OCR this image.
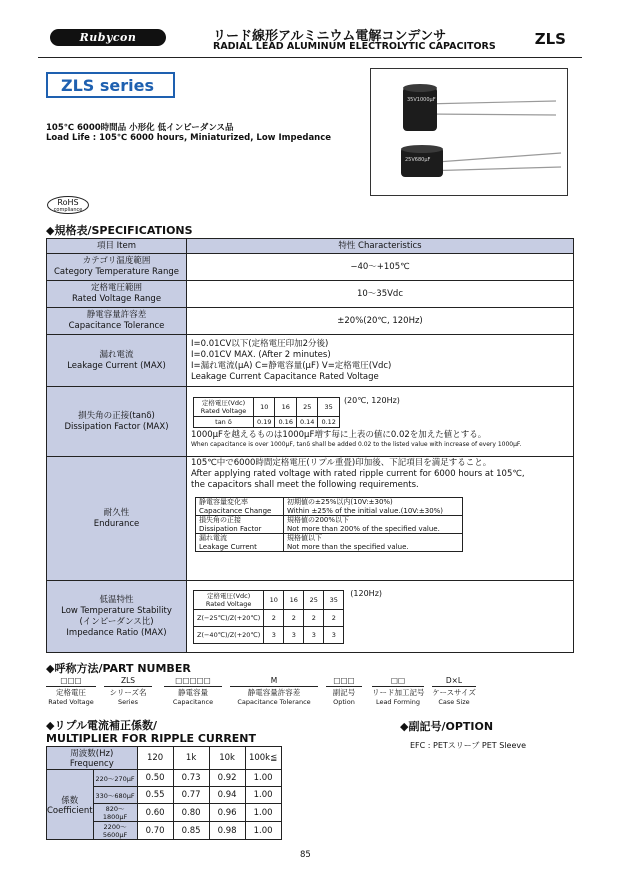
Rubycon	リード線形アルミニウム電解コンデンサ
RADIAL LEAD ALUMINUM ELECTROLYTIC CAPACITORS	ZLS
ZLS series
35V1000μF
25V680μF
105℃ 6000時間品 小形化 低インピーダンス品
Load Life : 105℃ 6000 hours, Miniaturized, Low Impedance
RoHS
compliance
◆規格表/SPECIFICATIONS
項目 Item	特性 Characteristics

カテゴリ温度範囲
Category Temperature Range
	−40〜+105℃

定格電圧範囲
Rated Voltage Range
	10〜35Vdc

静電容量許容差
Capacitance Tolerance
	±20%(20℃, 120Hz)

漏れ電流
Leakage Current (MAX)

I=0.01CV以下(定格電圧印加2分後)
I=0.01CV MAX. (After 2 minutes)
I=漏れ電流(μA) C=静電容量(μF) V=定格電圧(Vdc)
Leakage Current Capacitance Rated Voltage

損失角の正接(tanδ)
Dissipation Factor (MAX)

定格電圧(Vdc)
Rated Voltage	10	16	25	35
tan δ	0.19	0.16	0.14	0.12
(20℃, 120Hz)
1000μFを越えるものは1000μF増す毎に上表の値に0.02を加えた値とする。
When capacitance is over 1000μF, tanδ shall be added 0.02 to the listed value with increase of every 1000μF.

耐久性
Endurance

105℃中で6000時間定格電圧(リプル重畳)印加後、下記項目を満足すること。
After applying rated voltage with rated ripple current for 6000 hours at 105℃,
the capacitors shall meet the following requirements.
静電容量変化率
Capacitance Change

初期値の±25%以内(10V:±30%)
Within ±25% of the initial value.(10V:±30%)

損失角の正接
Dissipation Factor

規格値の200%以下
Not more than 200% of the specified value.

漏れ電流
Leakage Current

規格値以下
Not more than the specified value.

低温特性
Low Temperature Stability
(インピーダンス比)
Impedance Ratio (MAX)

定格電圧(Vdc)
Rated Voltage	10	16	25	35
Z(−25℃)/Z(+20℃)	2	2	2	2
Z(−40℃)/Z(+20℃)	3	3	3	3
(120Hz)
◆呼称方法/PART NUMBER
□□□
定格電圧
Rated Voltage
ZLS
シリーズ名
Series
□□□□□
静電容量
Capacitance
M
静電容量許容差
Capacitance Tolerance
□□□
副記号
Option
□□
リード加工記号
Lead Forming
D×L
ケースサイズ
Case Size
◆リプル電流補正係数/
MULTIPLIER FOR RIPPLE CURRENT
周波数(Hz)
Frequency		120	1k	10k	100k≦

係数
Coefficient	220〜270μF	0.50	0.73	0.92	1.00
	330〜680μF	0.55	0.77	0.94	1.00
	820〜1800μF	0.60	0.80	0.96	1.00
	2200〜5600μF	0.70	0.85	0.98	1.00
◆副記号/OPTION
EFC : PETスリーブ PET Sleeve
85
